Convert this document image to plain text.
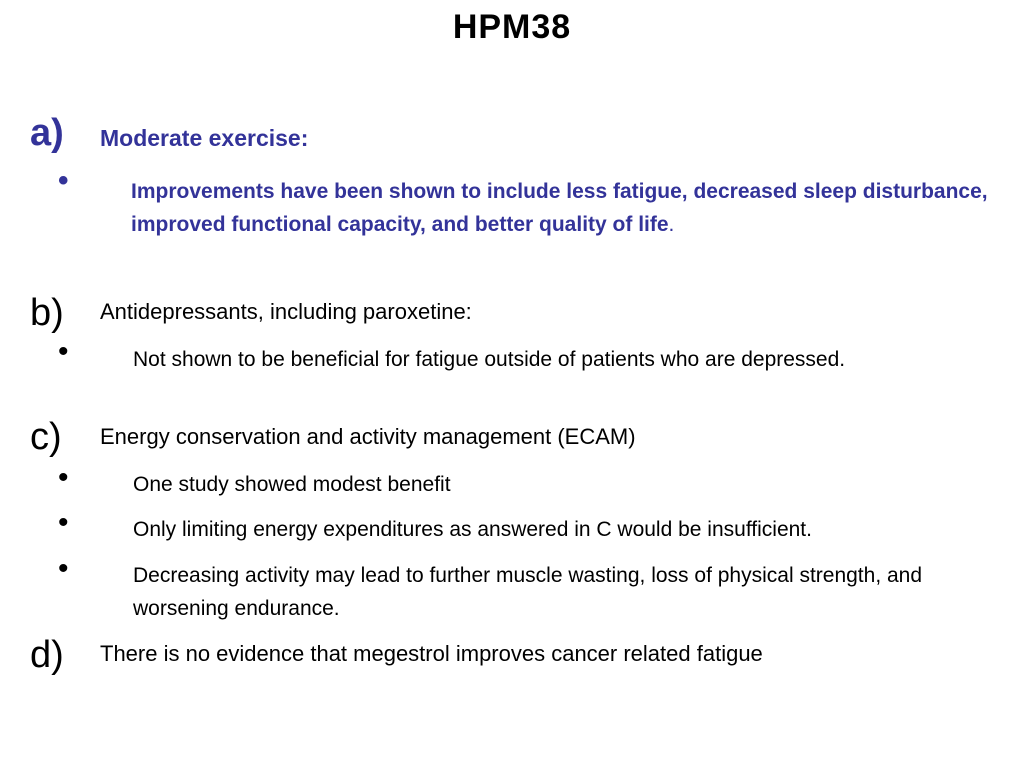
HPM38
a) Moderate exercise:
•	Improvements have been shown to include less fatigue, decreased sleep disturbance, improved functional capacity, and better quality of life.
b) Antidepressants, including paroxetine:
•	Not shown to be beneficial for fatigue outside of patients who are depressed.
c) Energy conservation and activity management (ECAM)
•	One study showed modest benefit
•	Only limiting energy expenditures as answered in C would be insufficient.
•	Decreasing activity may lead to further muscle wasting, loss of physical strength, and worsening endurance.
d) There is no evidence that megestrol improves cancer related fatigue
